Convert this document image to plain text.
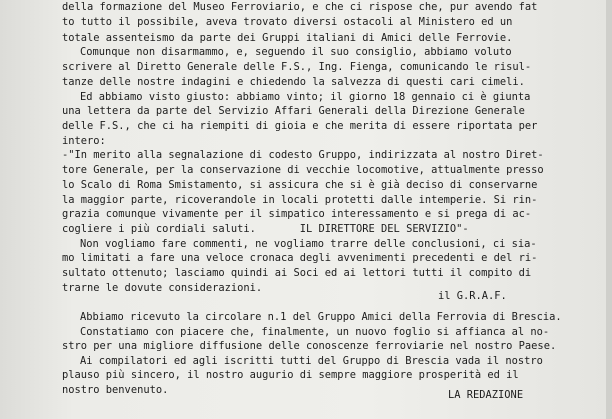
della formazione del Museo Ferroviario, e che ci rispose che, pur avendo fat
to tutto il possibile, aveva trovato diversi ostacoli al Ministero ed un
totale assenteismo da parte dei Gruppi italiani di Amici delle Ferrovie.
Comunque non disarmammo, e, seguendo il suo consiglio, abbiamo voluto
scrivere al Diretto Generale delle F.S., Ing. Fienga, comunicando le risul-
tanze delle nostre indagini e chiedendo la salvezza di questi cari cimeli.
Ed abbiamo visto giusto: abbiamo vinto; il giorno 18 gennaio ci è giunta
una lettera da parte del Servizio Affari Generali della Direzione Generale
delle F.S., che ci ha riempiti di gioia e che merita di essere riportata per
intero:
-"In merito alla segnalazione di codesto Gruppo, indirizzata al nostro Diret-
tore Generale, per la conservazione di vecchie locomotive, attualmente presso
lo Scalo di Roma Smistamento, si assicura che si è già deciso di conservarne
la maggior parte, ricoverandole in locali protetti dalle intemperie. Si rin-
grazia comunque vivamente per il simpatico interessamento e si prega di ac-
cogliere i più cordiali saluti.       IL DIRETTORE DEL SERVIZIO"-
Non vogliamo fare commenti, ne vogliamo trarre delle conclusioni, ci sia-
mo limitati a fare una veloce cronaca degli avvenimenti precedenti e del ri-
sultato ottenuto; lasciamo quindi ai Soci ed ai lettori tutti il compito di
trarne le dovute considerazioni.
il G.R.A.F.
Abbiamo ricevuto la circolare n.1 del Gruppo Amici della Ferrovia di Brescia.
Constatiamo con piacere che, finalmente, un nuovo foglio si affianca al no-
stro per una migliore diffusione delle conoscenze ferroviarie nel nostro Paese.
Ai compilatori ed agli iscritti tutti del Gruppo di Brescia vada il nostro
plauso più sincero, il nostro augurio di sempre maggiore prosperità ed il
nostro benvenuto.	LA REDAZIONE
